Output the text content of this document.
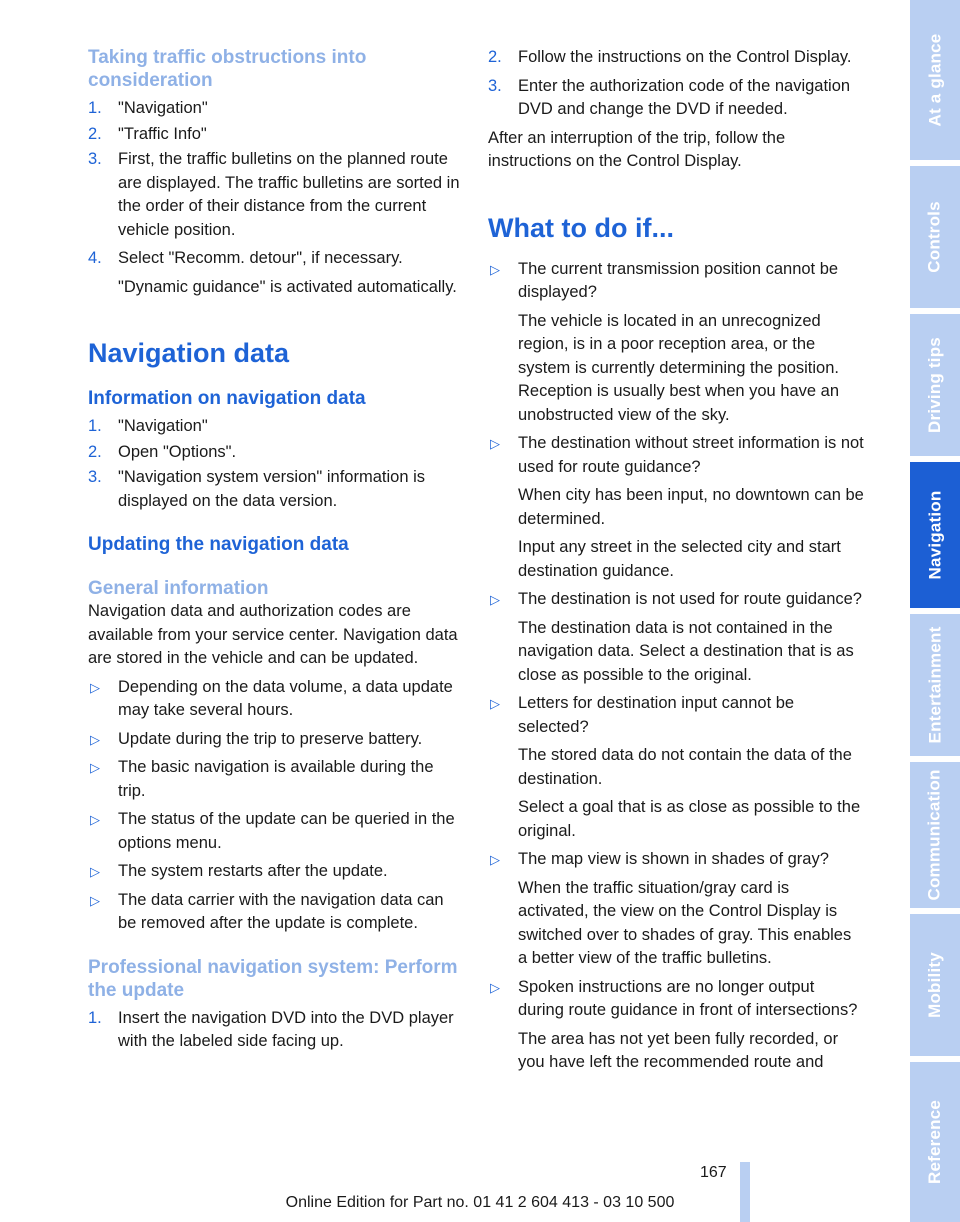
Taking traffic obstructions into consideration
1. "Navigation"
2. "Traffic Info"
3. First, the traffic bulletins on the planned route are displayed. The traffic bulletins are sorted in the order of their distance from the current vehicle position.
4. Select "Recomm. detour", if necessary.
"Dynamic guidance" is activated automatically.
Navigation data
Information on navigation data
1. "Navigation"
2. Open "Options".
3. "Navigation system version" information is displayed on the data version.
Updating the navigation data
General information

Navigation data and authorization codes are available from your service center. Navigation data are stored in the vehicle and can be updated.

▷ Depending on the data volume, a data update may take several hours.
▷ Update during the trip to preserve battery.
▷ The basic navigation is available during the trip.
▷ The status of the update can be queried in the options menu.
▷ The system restarts after the update.
▷ The data carrier with the navigation data can be removed after the update is complete.
Professional navigation system: Perform the update
1. Insert the navigation DVD into the DVD player with the labeled side facing up.
2. Follow the instructions on the Control Display.
3. Enter the authorization code of the navigation DVD and change the DVD if needed.

After an interruption of the trip, follow the instructions on the Control Display.

What to do if...
▷ The current transmission position cannot be displayed?
The vehicle is located in an unrecognized region, is in a poor reception area, or the system is currently determining the position. Reception is usually best when you have an unobstructed view of the sky.
▷ The destination without street information is not used for route guidance?
When city has been input, no downtown can be determined.
Input any street in the selected city and start destination guidance.
▷ The destination is not used for route guidance?
The destination data is not contained in the navigation data. Select a destination that is as close as possible to the original.
▷ Letters for destination input cannot be selected?
The stored data do not contain the data of the destination.
Select a goal that is as close as possible to the original.
▷ The map view is shown in shades of gray?
When the traffic situation/gray card is activated, the view on the Control Display is switched over to shades of gray. This enables a better view of the traffic bulletins.
▷ Spoken instructions are no longer output during route guidance in front of intersections?
The area has not yet been fully recorded, or you have left the recommended route and
At a glance
Controls
Driving tips
Navigation
Entertainment
Communication
Mobility
Reference
167
Online Edition for Part no. 01 41 2 604 413 - 03 10 500
